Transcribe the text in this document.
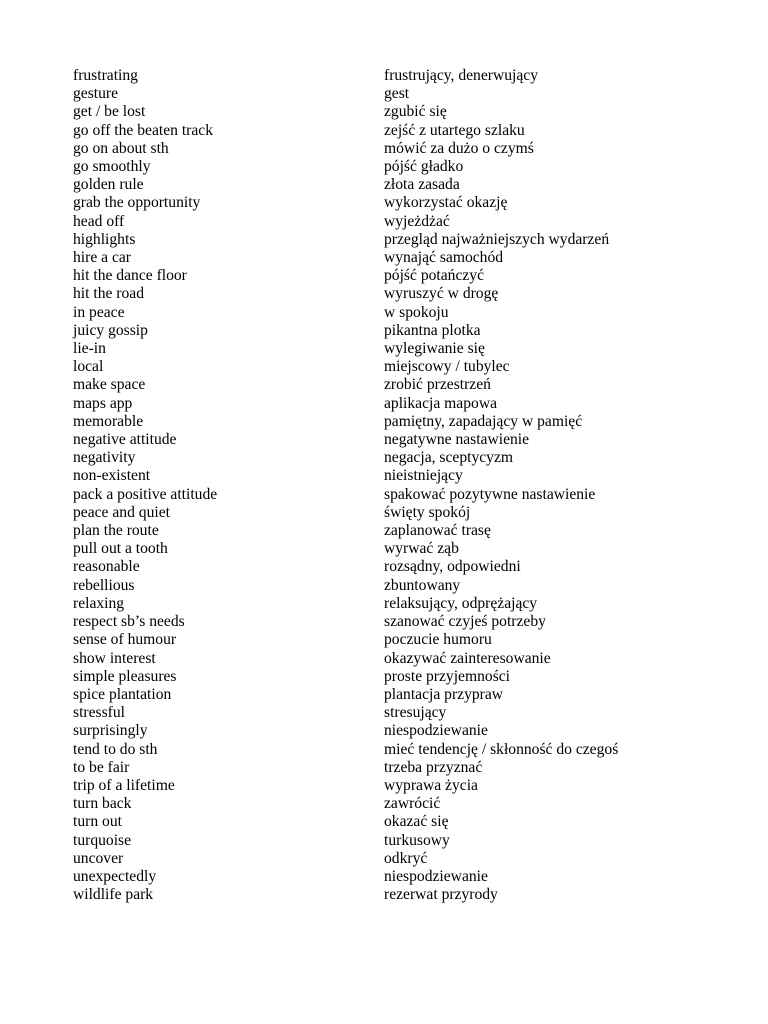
frustrating	frustrujący, denerwujący
gesture	gest
get / be lost	zgubić się
go off the beaten track	zejść z utartego szlaku
go on about sth	mówić za dużo o czymś
go smoothly	pójść gładko
golden rule	złota zasada
grab the opportunity	wykorzystać okazję
head off	wyjeżdżać
highlights	przegląd najważniejszych wydarzeń
hire a car	wynająć samochód
hit the dance floor	pójść potańczyć
hit the road	wyruszyć w drogę
in peace	w spokoju
juicy gossip	pikantna plotka
lie-in	wylegiwanie się
local	miejscowy / tubylec
make space	zrobić przestrzeń
maps app	aplikacja mapowa
memorable	pamiętny, zapadający w pamięć
negative attitude	negatywne nastawienie
negativity	negacja, sceptycyzm
non-existent	nieistniejący
pack a positive attitude	spakować pozytywne nastawienie
peace and quiet	święty spokój
plan the route	zaplanować trasę
pull out a tooth	wyrwać ząb
reasonable	rozsądny, odpowiedni
rebellious	zbuntowany
relaxing	relaksujący, odprężający
respect sb’s needs	szanować czyjeś potrzeby
sense of humour	poczucie humoru
show interest	okazywać zainteresowanie
simple pleasures	proste przyjemności
spice plantation	plantacja przypraw
stressful	stresujący
surprisingly	niespodziewanie
tend to do sth	mieć tendencję / skłonność do czegoś
to be fair	trzeba przyznać
trip of a lifetime	wyprawa życia
turn back	zawrócić
turn out	okazać się
turquoise	turkusowy
uncover	odkryć
unexpectedly	niespodziewanie
wildlife park	rezerwat przyrody
